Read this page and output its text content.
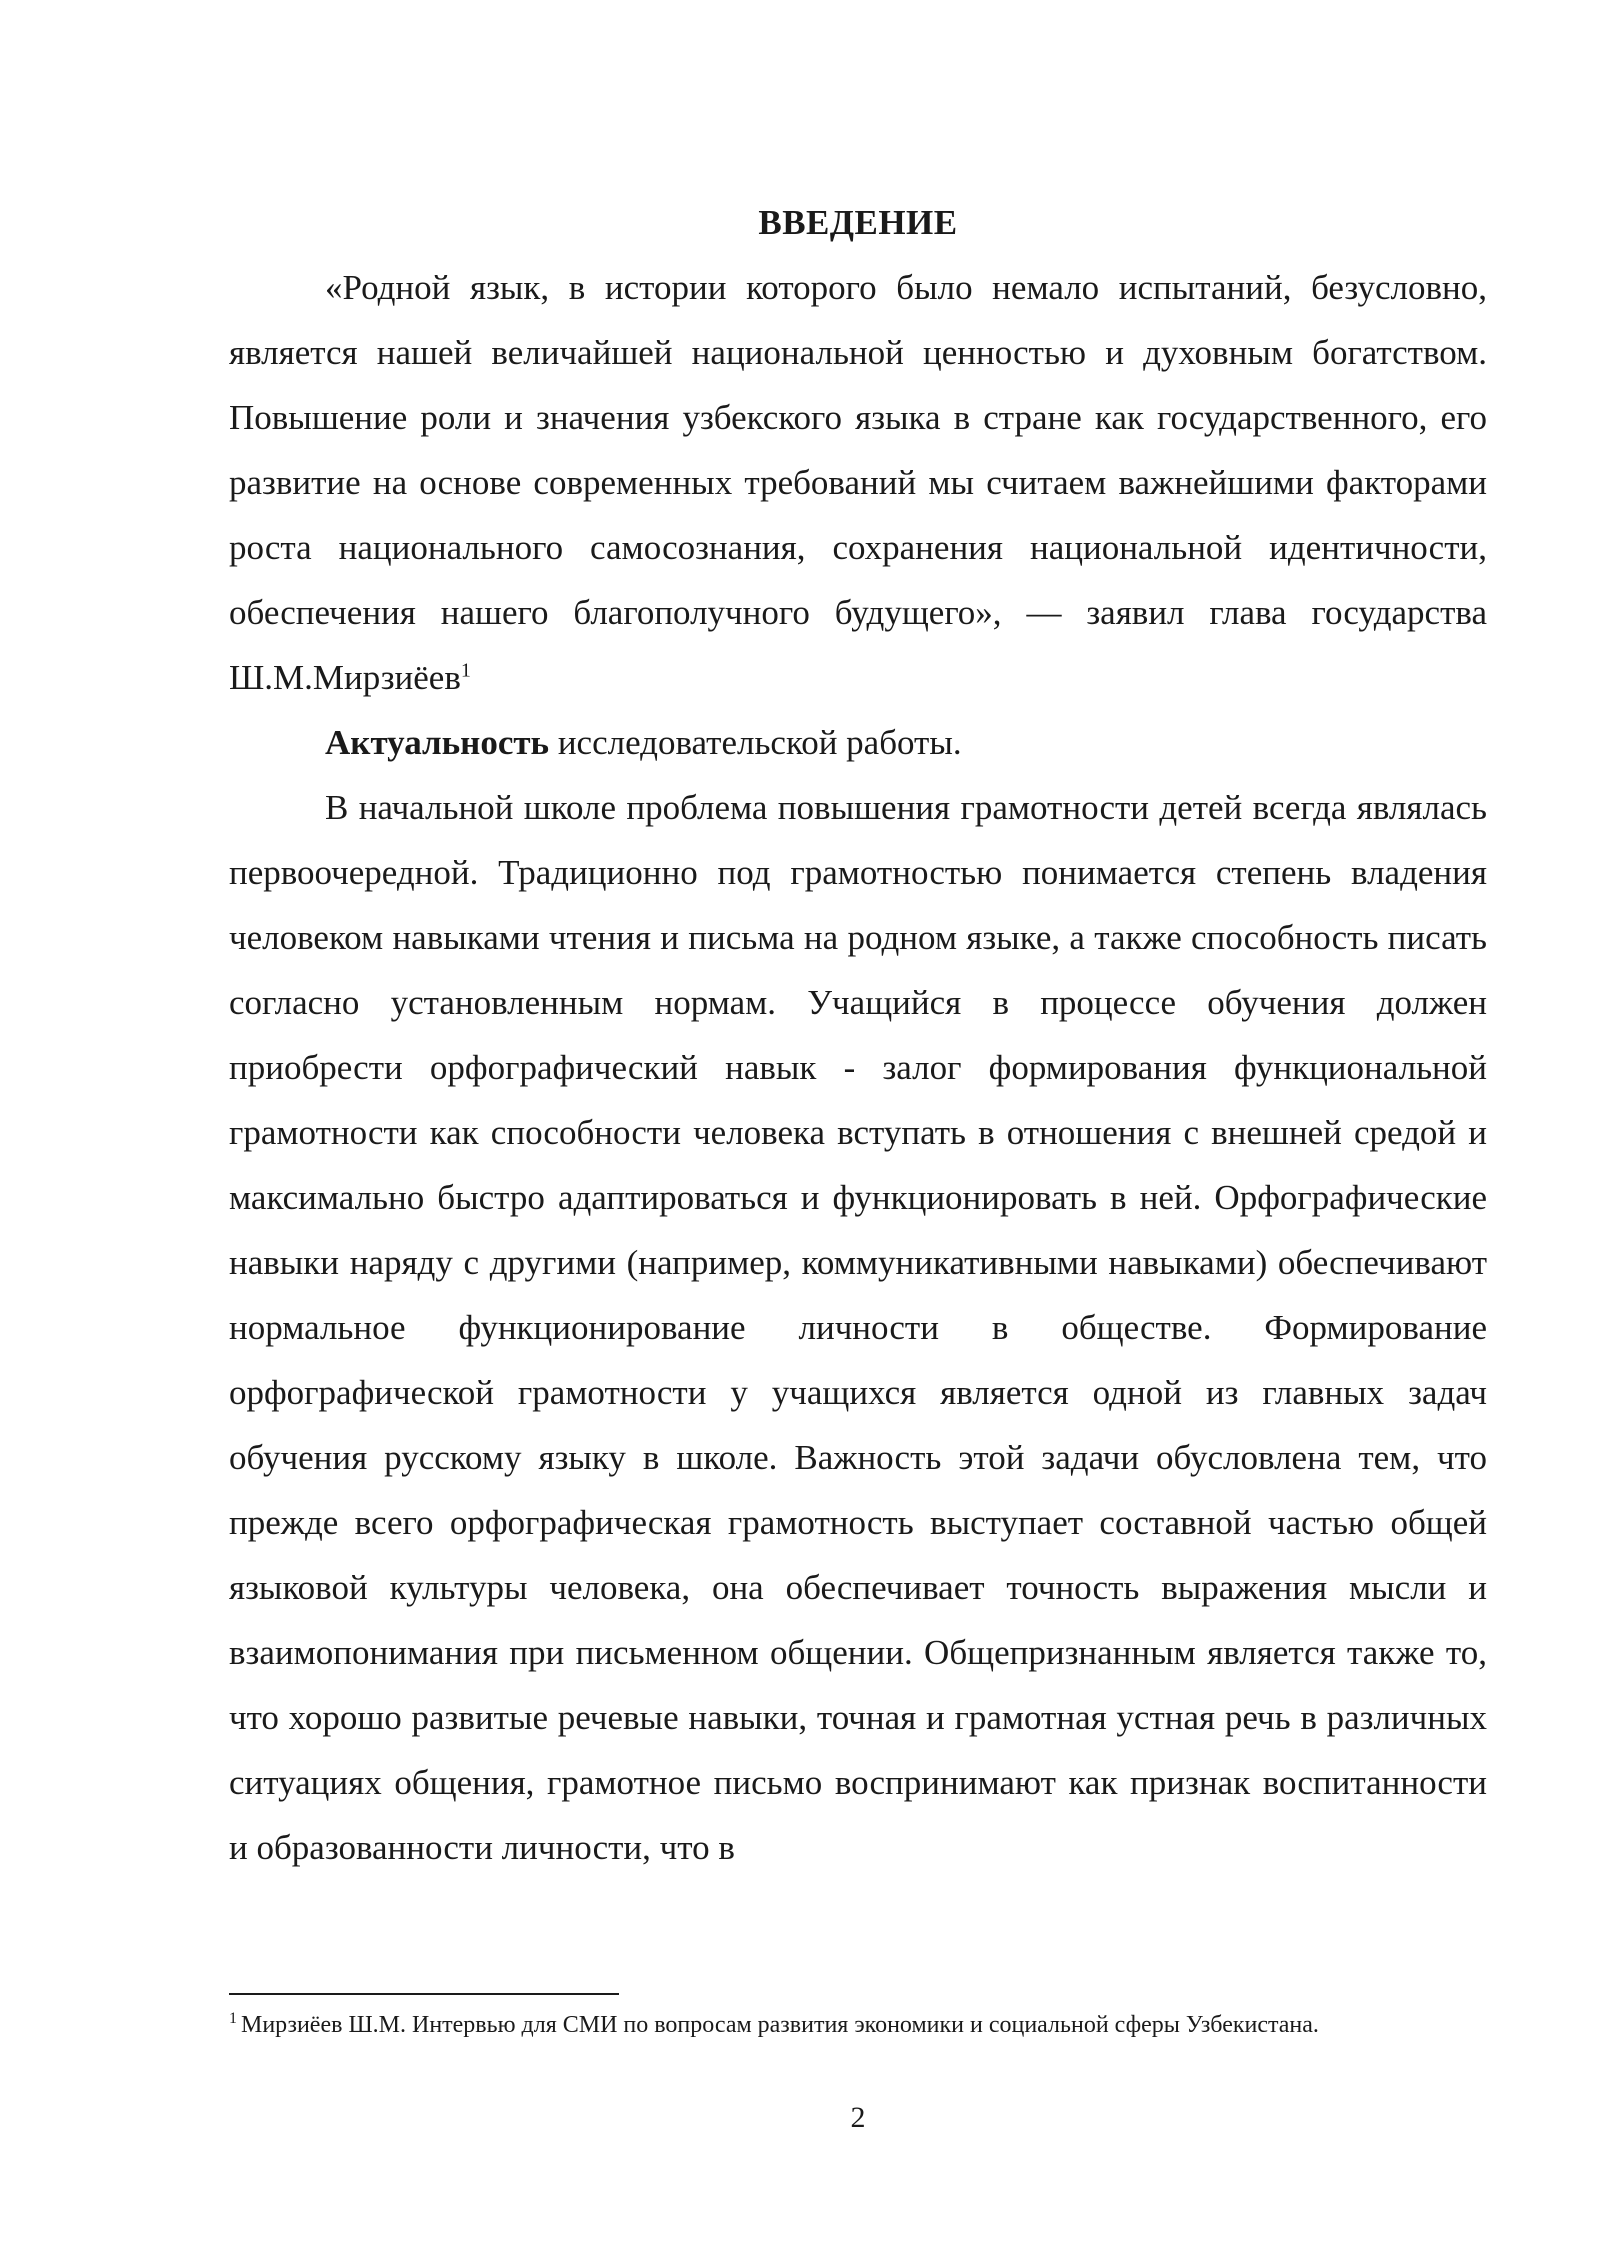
ВВЕДЕНИЕ

«Родной язык, в истории которого было немало испытаний, безусловно, является нашей величайшей национальной ценностью и духовным богатством. Повышение роли и значения узбекского языка в стране как государственного, его развитие на основе современных требований мы считаем важнейшими факторами роста национального самосознания, сохранения национальной идентичности, обеспечения нашего благополучного будущего», — заявил глава государства Ш.М.Мирзиёев$^1$

Актуальность исследовательской работы.

В начальной школе проблема повышения грамотности детей всегда являлась первоочередной. Традиционно под грамотностью понимается степень владения человеком навыками чтения и письма на родном языке, а также способность писать согласно установленным нормам. Учащийся в процессе обучения должен приобрести орфографический навык - залог формирования функциональной грамотности как способности человека вступать в отношения с внешней средой и максимально быстро адаптироваться и функционировать в ней. Орфографические навыки наряду с другими (например, коммуникативными навыками) обеспечивают нормальное функционирование личности в обществе. Формирование орфографической грамотности у учащихся является одной из главных задач обучения русскому языку в школе. Важность этой задачи обусловлена тем, что прежде всего орфографическая грамотность выступает составной частью общей языковой культуры человека, она обеспечивает точность выражения мысли и взаимопонимания при письменном общении. Общепризнанным является также то, что хорошо развитые речевые навыки, точная и грамотная устная речь в различных ситуациях общения, грамотное письмо воспринимают как признак воспитанности и образованности личности, что в

$^1$ Мирзиёев Ш.М. Интервью для СМИ по вопросам развития экономики и социальной сферы Узбекистана.

2
